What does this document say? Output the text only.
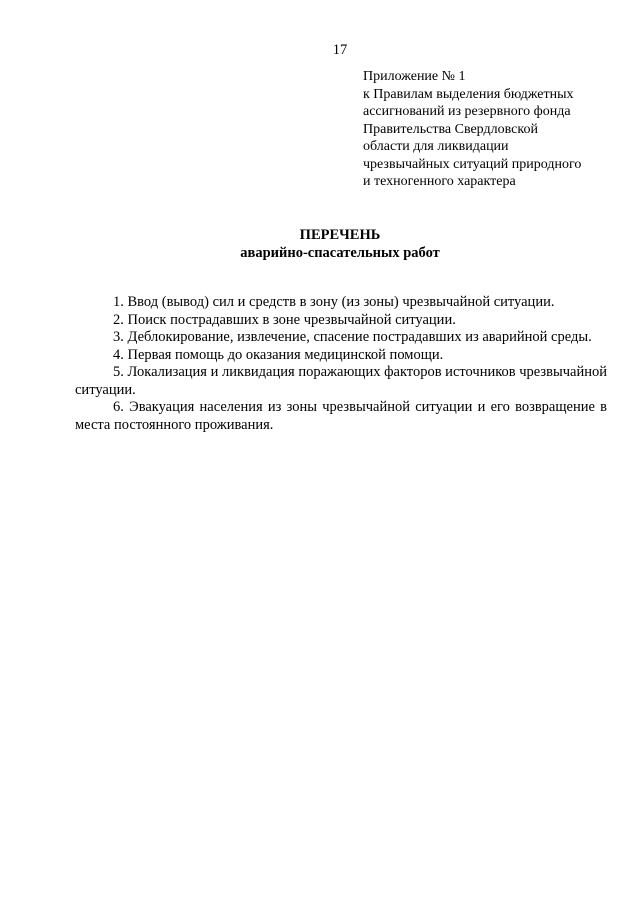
17
Приложение № 1
к Правилам выделения бюджетных
ассигнований из резервного фонда
Правительства Свердловской
области для ликвидации
чрезвычайных ситуаций природного
и техногенного характера
ПЕРЕЧЕНЬ
аварийно-спасательных работ
1. Ввод (вывод) сил и средств в зону (из зоны) чрезвычайной ситуации.
2. Поиск пострадавших в зоне чрезвычайной ситуации.
3. Деблокирование, извлечение, спасение пострадавших из аварийной среды.
4. Первая помощь до оказания медицинской помощи.
5. Локализация и ликвидация поражающих факторов источников чрезвычайной ситуации.
6. Эвакуация населения из зоны чрезвычайной ситуации и его возвращение в места постоянного проживания.
